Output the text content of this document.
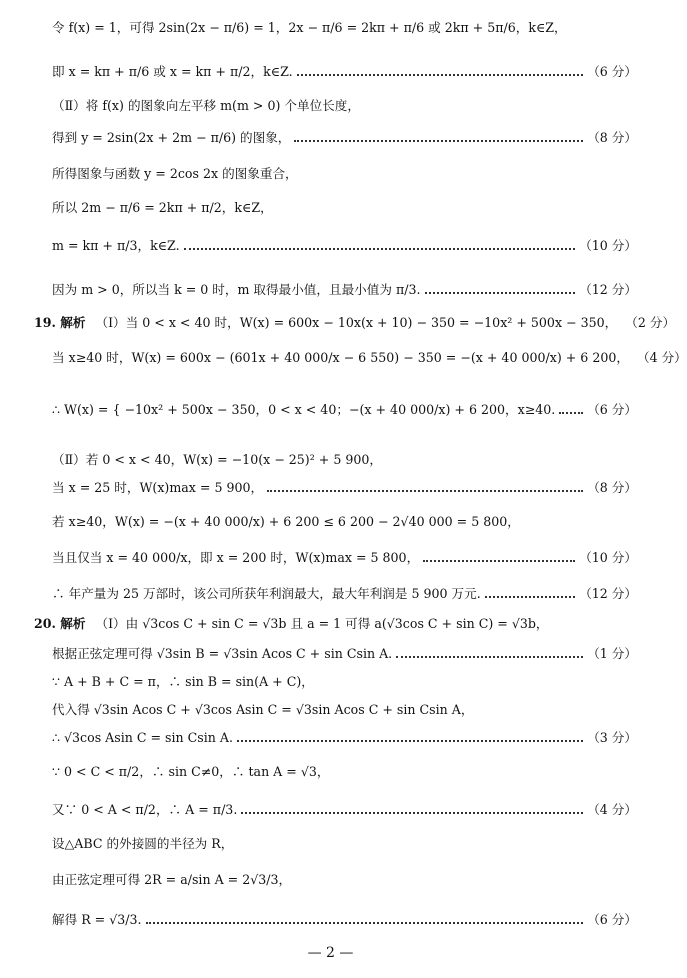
令 f(x) = 1，可得 2sin(2x − π/6) = 1，2x − π/6 = 2kπ + π/6 或 2kπ + 5π/6，k∈Z，
即 x = kπ + π/6 或 x = kπ + π/2，k∈Z.	（6 分）
（Ⅱ）将 f(x) 的图象向左平移 m(m > 0) 个单位长度，
得到 y = 2sin(2x + 2m − π/6) 的图象，	（8 分）
所得图象与函数 y = 2cos 2x 的图象重合，
所以 2m − π/6 = 2kπ + π/2，k∈Z，
m = kπ + π/3，k∈Z.	（10 分）
因为 m > 0，所以当 k = 0 时，m 取得最小值，且最小值为 π/3.	（12 分）
19. 解析 （Ⅰ）当 0 < x < 40 时，W(x) = 600x − 10x(x + 10) − 350 = −10x² + 500x − 350， （2 分）
当 x≥40 时，W(x) = 600x − (601x + 40 000/x − 6 550) − 350 = −(x + 40 000/x) + 6 200， （4 分）
∴ W(x) = { −10x² + 500x − 350，0 < x < 40；−(x + 40 000/x) + 6 200，x≥40.	（6 分）
（Ⅱ）若 0 < x < 40，W(x) = −10(x − 25)² + 5 900，
当 x = 25 时，W(x)max = 5 900，	（8 分）
若 x≥40，W(x) = −(x + 40 000/x) + 6 200 ≤ 6 200 − 2√40 000 = 5 800，
当且仅当 x = 40 000/x，即 x = 200 时，W(x)max = 5 800，	（10 分）
∴ 年产量为 25 万部时，该公司所获年利润最大，最大年利润是 5 900 万元.	（12 分）
20. 解析 （Ⅰ）由 √3cos C + sin C = √3b 且 a = 1 可得 a(√3cos C + sin C) = √3b，
根据正弦定理可得 √3sin B = √3sin Acos C + sin Csin A.	（1 分）
∵ A + B + C = π，∴ sin B = sin(A + C)，
代入得 √3sin Acos C + √3cos Asin C = √3sin Acos C + sin Csin A，
∴ √3cos Asin C = sin Csin A.	（3 分）
∵ 0 < C < π/2，∴ sin C≠0，∴ tan A = √3，
又∵ 0 < A < π/2，∴ A = π/3.	（4 分）
设△ABC 的外接圆的半径为 R，
由正弦定理可得 2R = a/sin A = 2√3/3，
解得 R = √3/3.	（6 分）
— 2 —
